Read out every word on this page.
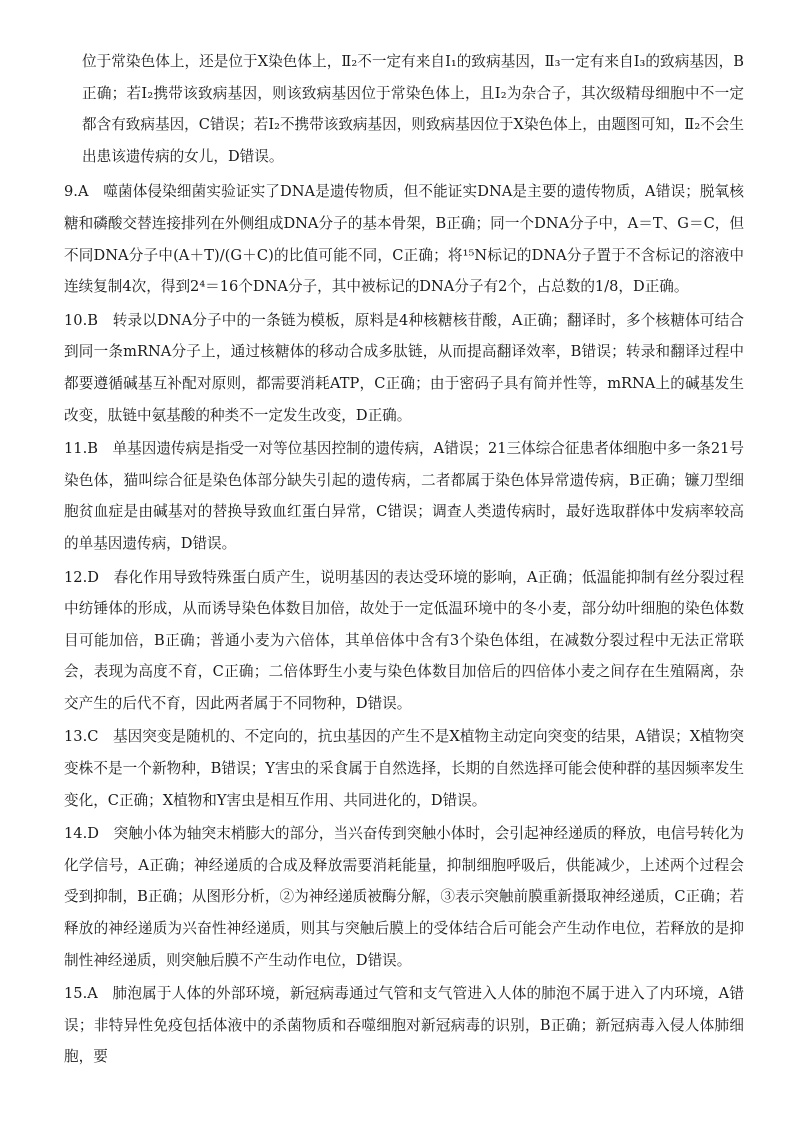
位于常染色体上，还是位于X染色体上，Ⅱ₂不一定有来自Ⅰ₁的致病基因，Ⅱ₃一定有来自Ⅰ₃的致病基因，B正确；若Ⅰ₂携带该致病基因，则该致病基因位于常染色体上，且Ⅰ₂为杂合子，其次级精母细胞中不一定都含有致病基因，C错误；若Ⅰ₂不携带该致病基因，则致病基因位于X染色体上，由题图可知，Ⅱ₂不会生出患该遗传病的女儿，D错误。

9.A  噬菌体侵染细菌实验证实了DNA是遗传物质，但不能证实DNA是主要的遗传物质，A错误；脱氧核糖和磷酸交替连接排列在外侧组成DNA分子的基本骨架，B正确；同一个DNA分子中，A＝T、G＝C，但不同DNA分子中(A＋T)/(G＋C)的比值可能不同，C正确；将¹⁵N标记的DNA分子置于不含标记的溶液中连续复制4次，得到2⁴＝16个DNA分子，其中被标记的DNA分子有2个，占总数的1/8，D正确。

10.B  转录以DNA分子中的一条链为模板，原料是4种核糖核苷酸，A正确；翻译时，多个核糖体可结合到同一条mRNA分子上，通过核糖体的移动合成多肽链，从而提高翻译效率，B错误；转录和翻译过程中都要遵循碱基互补配对原则，都需要消耗ATP，C正确；由于密码子具有简并性等，mRNA上的碱基发生改变，肽链中氨基酸的种类不一定发生改变，D正确。

11.B  单基因遗传病是指受一对等位基因控制的遗传病，A错误；21三体综合征患者体细胞中多一条21号染色体，猫叫综合征是染色体部分缺失引起的遗传病，二者都属于染色体异常遗传病，B正确；镰刀型细胞贫血症是由碱基对的替换导致血红蛋白异常，C错误；调查人类遗传病时，最好选取群体中发病率较高的单基因遗传病，D错误。

12.D  春化作用导致特殊蛋白质产生，说明基因的表达受环境的影响，A正确；低温能抑制有丝分裂过程中纺锤体的形成，从而诱导染色体数目加倍，故处于一定低温环境中的冬小麦，部分幼叶细胞的染色体数目可能加倍，B正确；普通小麦为六倍体，其单倍体中含有3个染色体组，在减数分裂过程中无法正常联会，表现为高度不育，C正确；二倍体野生小麦与染色体数目加倍后的四倍体小麦之间存在生殖隔离，杂交产生的后代不育，因此两者属于不同物种，D错误。

13.C  基因突变是随机的、不定向的，抗虫基因的产生不是X植物主动定向突变的结果，A错误；X植物突变株不是一个新物种，B错误；Y害虫的采食属于自然选择，长期的自然选择可能会使种群的基因频率发生变化，C正确；X植物和Y害虫是相互作用、共同进化的，D错误。

14.D  突触小体为轴突末梢膨大的部分，当兴奋传到突触小体时，会引起神经递质的释放，电信号转化为化学信号，A正确；神经递质的合成及释放需要消耗能量，抑制细胞呼吸后，供能减少，上述两个过程会受到抑制，B正确；从图形分析，②为神经递质被酶分解，③表示突触前膜重新摄取神经递质，C正确；若释放的神经递质为兴奋性神经递质，则其与突触后膜上的受体结合后可能会产生动作电位，若释放的是抑制性神经递质，则突触后膜不产生动作电位，D错误。

15.A  肺泡属于人体的外部环境，新冠病毒通过气管和支气管进入人体的肺泡不属于进入了内环境，A错误；非特异性免疫包括体液中的杀菌物质和吞噬细胞对新冠病毒的识别，B正确；新冠病毒入侵人体肺细胞，要
